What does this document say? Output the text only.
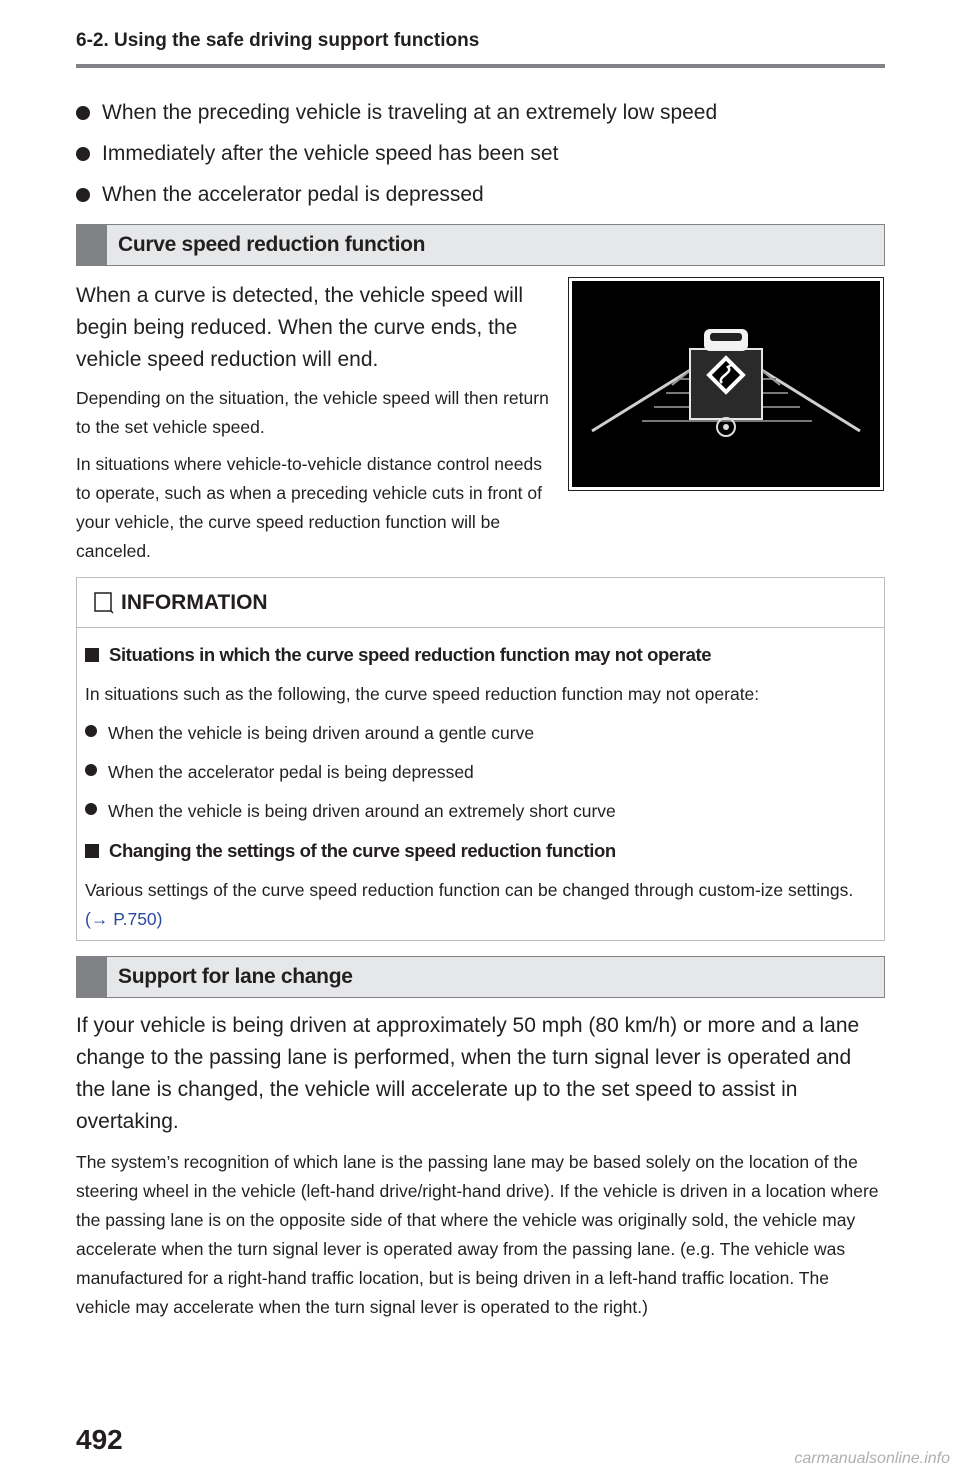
6-2. Using the safe driving support functions
When the preceding vehicle is traveling at an extremely low speed
Immediately after the vehicle speed has been set
When the accelerator pedal is depressed
Curve speed reduction function

When a curve is detected, the vehicle speed will begin being reduced. When the curve ends, the vehicle speed reduction will end.

Depending on the situation, the vehicle speed will then return to the set vehicle speed.

In situations where vehicle-to-vehicle distance control needs to operate, such as when a preceding vehicle cuts in front of your vehicle, the curve speed reduction function will be canceled.

INFORMATION
Situations in which the curve speed reduction function may not operate

In situations such as the following, the curve speed reduction function may not operate:

When the vehicle is being driven around a gentle curve
When the accelerator pedal is being depressed
When the vehicle is being driven around an extremely short curve
Changing the settings of the curve speed reduction function

Various settings of the curve speed reduction function can be changed through custom-ize settings. (→ P.750)

Support for lane change

If your vehicle is being driven at approximately 50 mph (80 km/h) or more and a lane change to the passing lane is performed, when the turn signal lever is operated and the lane is changed, the vehicle will accelerate up to the set speed to assist in overtaking.

The system’s recognition of which lane is the passing lane may be based solely on the location of the steering wheel in the vehicle (left-hand drive/right-hand drive). If the vehicle is driven in a location where the passing lane is on the opposite side of that where the vehicle was originally sold, the vehicle may accelerate when the turn signal lever is operated away from the passing lane. (e.g. The vehicle was manufactured for a right-hand traffic location, but is being driven in a left-hand traffic location. The vehicle may accelerate when the turn signal lever is operated to the right.)

492
carmanualsonline.info
